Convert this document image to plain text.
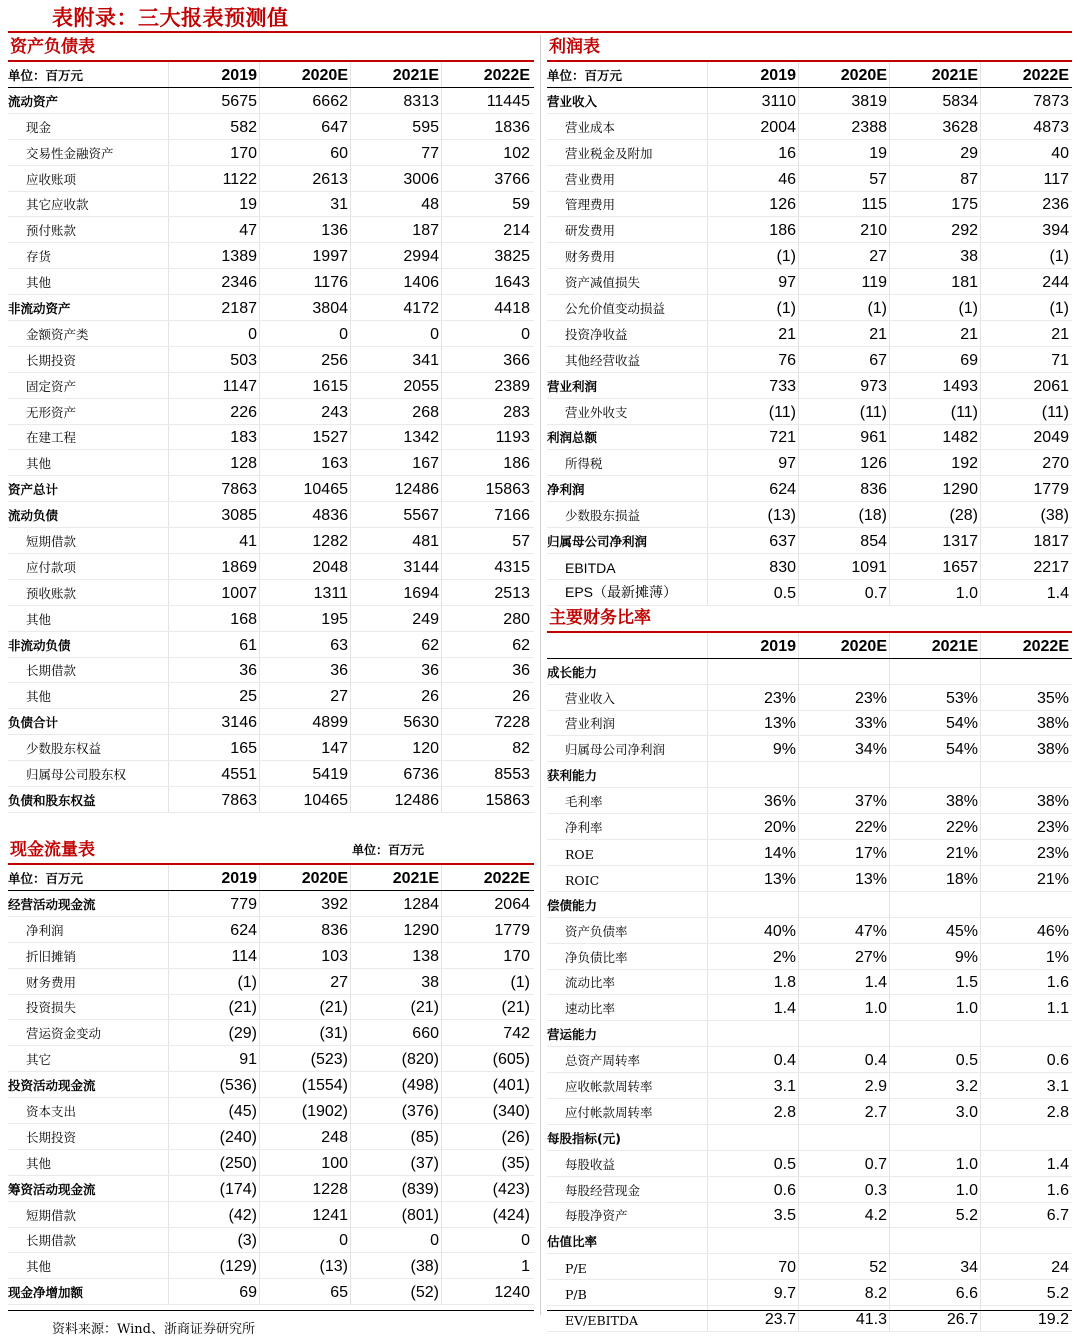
表附录：三大报表预测值
资产负债表
单位：百万元	2019	2020E	2021E	2022E
流动资产	5675	6662	8313	11445
现金	582	647	595	1836
交易性金融资产	170	60	77	102
应收账项	1122	2613	3006	3766
其它应收款	19	31	48	59
预付账款	47	136	187	214
存货	1389	1997	2994	3825
其他	2346	1176	1406	1643
非流动资产	2187	3804	4172	4418
金额资产类	0	0	0	0
长期投资	503	256	341	366
固定资产	1147	1615	2055	2389
无形资产	226	243	268	283
在建工程	183	1527	1342	1193
其他	128	163	167	186
资产总计	7863	10465	12486	15863
流动负债	3085	4836	5567	7166
短期借款	41	1282	481	57
应付款项	1869	2048	3144	4315
预收账款	1007	1311	1694	2513
其他	168	195	249	280
非流动负债	61	63	62	62
长期借款	36	36	36	36
其他	25	27	26	26
负债合计	3146	4899	5630	7228
少数股东权益	165	147	120	82
归属母公司股东权	4551	5419	6736	8553
负债和股东权益	7863	10465	12486	15863
现金流量表	单位：百万元
单位：百万元	2019	2020E	2021E	2022E
经营活动现金流	779	392	1284	2064
净利润	624	836	1290	1779
折旧摊销	114	103	138	170
财务费用	(1)	27	38	(1)
投资损失	(21)	(21)	(21)	(21)
营运资金变动	(29)	(31)	660	742
其它	91	(523)	(820)	(605)
投资活动现金流	(536)	(1554)	(498)	(401)
资本支出	(45)	(1902)	(376)	(340)
长期投资	(240)	248	(85)	(26)
其他	(250)	100	(37)	(35)
筹资活动现金流	(174)	1228	(839)	(423)
短期借款	(42)	1241	(801)	(424)
长期借款	(3)	0	0	0
其他	(129)	(13)	(38)	1
现金净增加额	69	65	(52)	1240
利润表
单位：百万元	2019	2020E	2021E	2022E
营业收入	3110	3819	5834	7873
营业成本	2004	2388	3628	4873
营业税金及附加	16	19	29	40
营业费用	46	57	87	117
管理费用	126	115	175	236
研发费用	186	210	292	394
财务费用	(1)	27	38	(1)
资产减值损失	97	119	181	244
公允价值变动损益	(1)	(1)	(1)	(1)
投资净收益	21	21	21	21
其他经营收益	76	67	69	71
营业利润	733	973	1493	2061
营业外收支	(11)	(11)	(11)	(11)
利润总额	721	961	1482	2049
所得税	97	126	192	270
净利润	624	836	1290	1779
少数股东损益	(13)	(18)	(28)	(38)
归属母公司净利润	637	854	1317	1817
EBITDA	830	1091	1657	2217
EPS（最新摊薄）	0.5	0.7	1.0	1.4
主要财务比率
2019	2020E	2021E	2022E
成长能力
营业收入	23%	23%	53%	35%
营业利润	13%	33%	54%	38%
归属母公司净利润	9%	34%	54%	38%
获利能力
毛利率	36%	37%	38%	38%
净利率	20%	22%	22%	23%
ROE	14%	17%	21%	23%
ROIC	13%	13%	18%	21%
偿债能力
资产负债率	40%	47%	45%	46%
净负债比率	2%	27%	9%	1%
流动比率	1.8	1.4	1.5	1.6
速动比率	1.4	1.0	1.0	1.1
营运能力
总资产周转率	0.4	0.4	0.5	0.6
应收帐款周转率	3.1	2.9	3.2	3.1
应付帐款周转率	2.8	2.7	3.0	2.8
每股指标(元)
每股收益	0.5	0.7	1.0	1.4
每股经营现金	0.6	0.3	1.0	1.6
每股净资产	3.5	4.2	5.2	6.7
估值比率
P/E	70	52	34	24
P/B	9.7	8.2	6.6	5.2
EV/EBITDA	23.7	41.3	26.7	19.2
资料来源：Wind、浙商证券研究所
